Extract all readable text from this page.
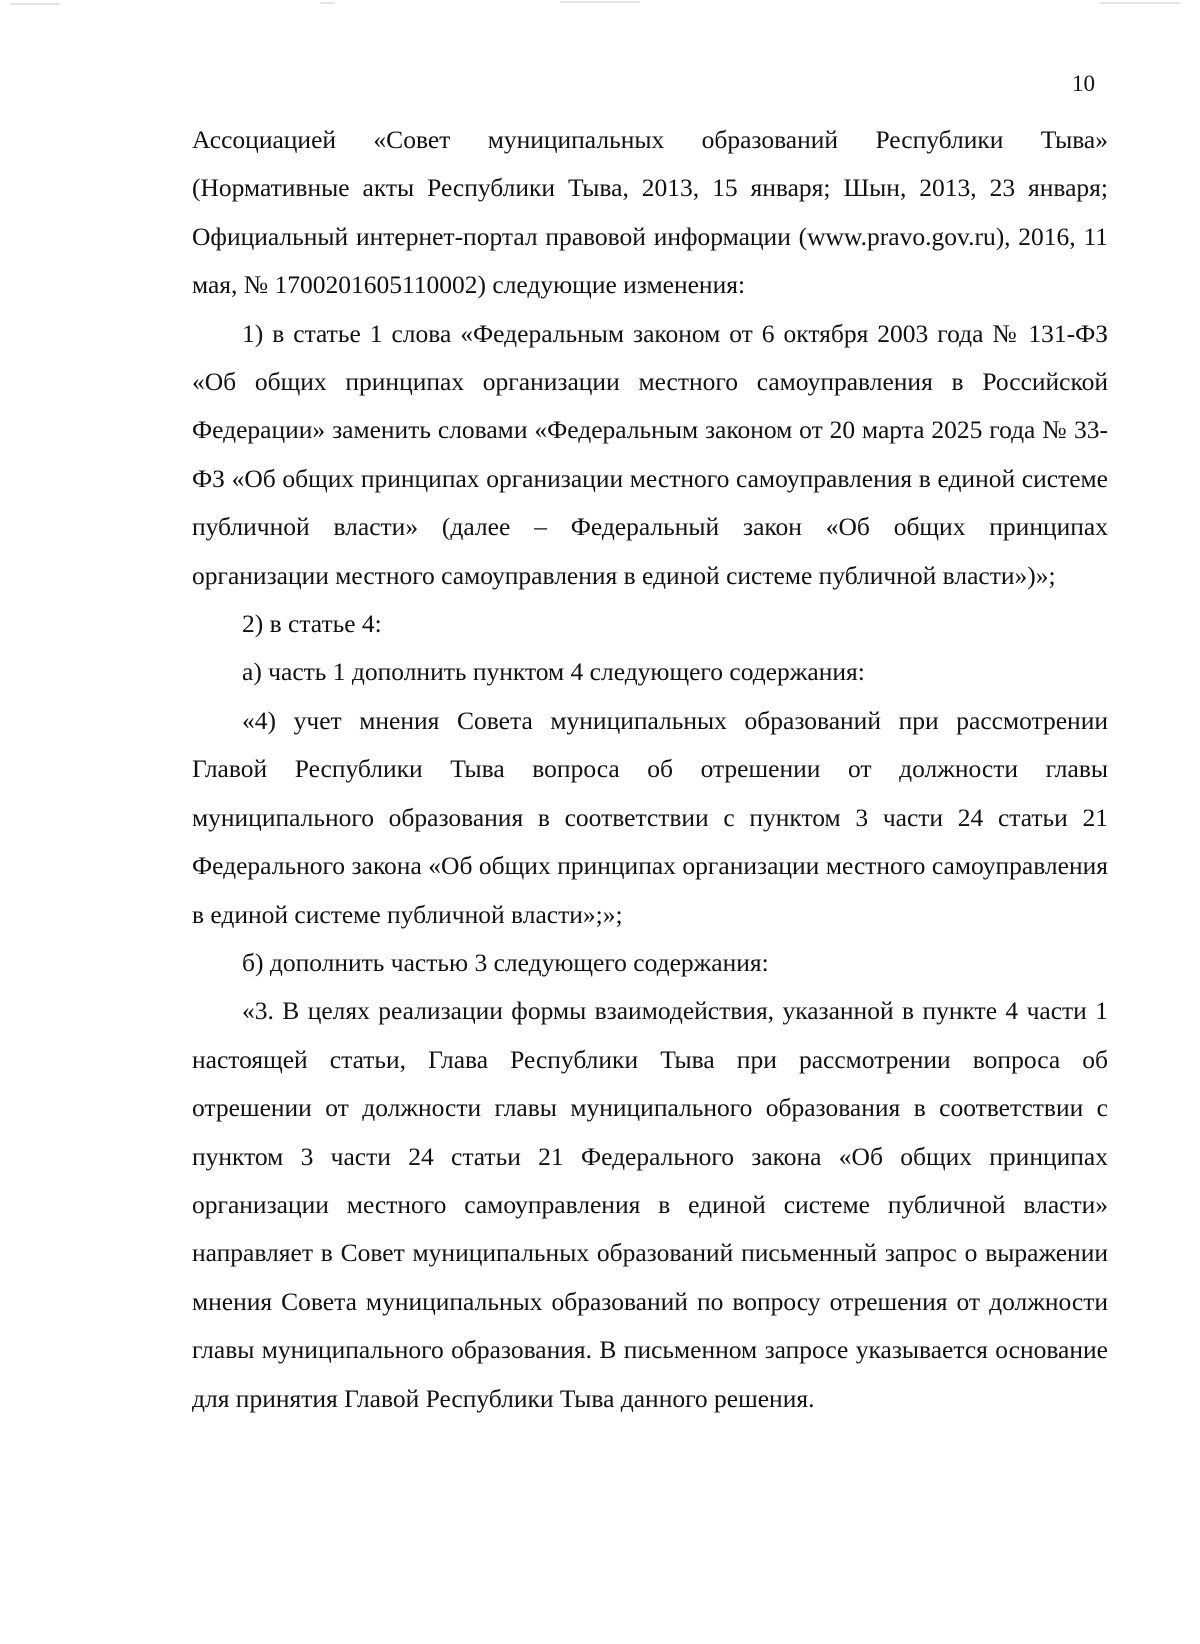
10

Ассоциацией «Совет муниципальных образований Республики Тыва» (Нормативные акты Республики Тыва, 2013, 15 января; Шын, 2013, 23 января; Официальный интернет-портал правовой информации (www.pravo.gov.ru), 2016, 11 мая, № 1700201605110002) следующие изменения:

1) в статье 1 слова «Федеральным законом от 6 октября 2003 года № 131-ФЗ «Об общих принципах организации местного самоуправления в Российской Федерации» заменить словами «Федеральным законом от 20 марта 2025 года № 33-ФЗ «Об общих принципах организации местного самоуправления в единой системе публичной власти» (далее – Федеральный закон «Об общих принципах организации местного самоуправления в единой системе публичной власти»)»;

2) в статье 4:

а) часть 1 дополнить пунктом 4 следующего содержания:

«4) учет мнения Совета муниципальных образований при рассмотрении Главой Республики Тыва вопроса об отрешении от должности главы муниципального образования в соответствии с пунктом 3 части 24 статьи 21 Федерального закона «Об общих принципах организации местного самоуправления в единой системе публичной власти»;»;

б) дополнить частью 3 следующего содержания:

«3. В целях реализации формы взаимодействия, указанной в пункте 4 части 1 настоящей статьи, Глава Республики Тыва при рассмотрении вопроса об отрешении от должности главы муниципального образования в соответствии с пунктом 3 части 24 статьи 21 Федерального закона «Об общих принципах организации местного самоуправления в единой системе публичной власти» направляет в Совет муниципальных образований письменный запрос о выражении мнения Совета муниципальных образований по вопросу отрешения от должности главы муниципального образования. В письменном запросе указывается основание для принятия Главой Республики Тыва данного решения.
